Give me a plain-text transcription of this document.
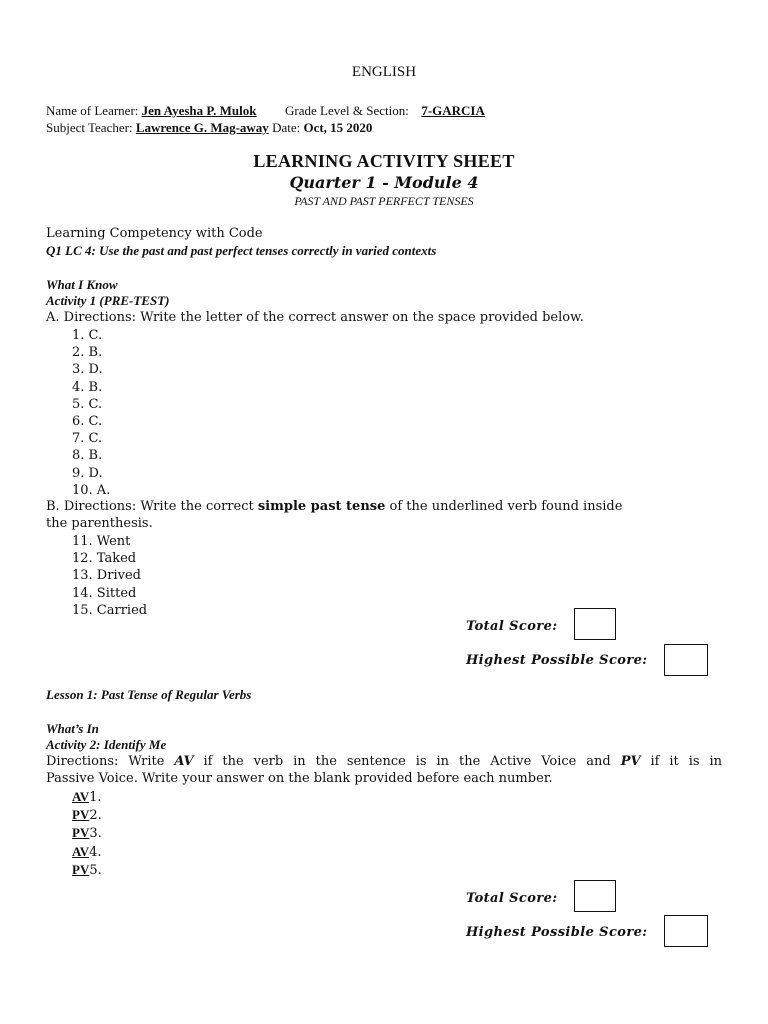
ENGLISH
Name of Learner: Jen Ayesha P. Mulok Grade Level & Section: 7-GARCIA
Subject Teacher: Lawrence G. Mag-away Date: Oct, 15 2020
LEARNING ACTIVITY SHEET
Quarter 1 - Module 4
PAST AND PAST PERFECT TENSES
Learning Competency with Code
Q1 LC 4: Use the past and past perfect tenses correctly in varied contexts
What I Know
Activity 1 (PRE-TEST)
A. Directions: Write the letter of the correct answer on the space provided below.
1. C.
2. B.
3. D.
4. B.
5. C.
6. C.
7. C.
8. B.
9. D.
10. A.
B. Directions: Write the correct simple past tense of the underlined verb found inside
the parenthesis.
11. Went
12. Taked
13. Drived
14. Sitted
15. Carried
Total Score:
Highest Possible Score:
Lesson 1: Past Tense of Regular Verbs
What’s In
Activity 2: Identify Me
Directions: Write AV if the verb in the sentence is in the Active Voice and PV if it is in
Passive Voice. Write your answer on the blank provided before each number.
AV1.
PV2.
PV3.
AV4.
PV5.
Total Score:
Highest Possible Score:
